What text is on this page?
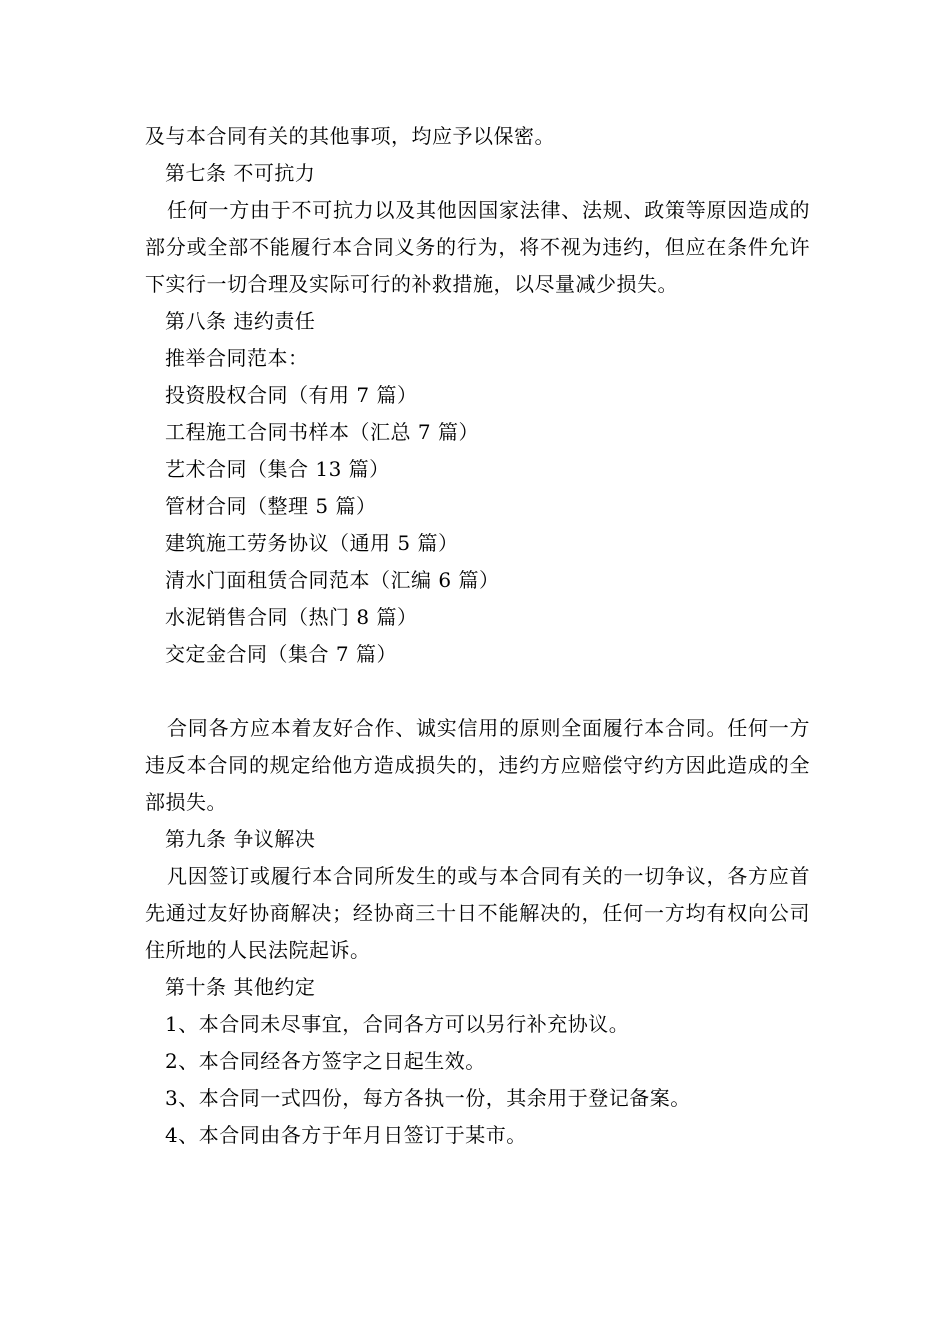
及与本合同有关的其他事项，均应予以保密。
第七条 不可抗力
任何一方由于不可抗力以及其他因国家法律、法规、政策等原因造成的部分或全部不能履行本合同义务的行为，将不视为违约，但应在条件允许下实行一切合理及实际可行的补救措施，以尽量减少损失。
第八条 违约责任
推举合同范本：
投资股权合同（有用 7 篇）
工程施工合同书样本（汇总 7 篇）
艺术合同（集合 13 篇）
管材合同（整理 5 篇）
建筑施工劳务协议（通用 5 篇）
清水门面租赁合同范本（汇编 6 篇）
水泥销售合同（热门 8 篇）
交定金合同（集合 7 篇）
合同各方应本着友好合作、诚实信用的原则全面履行本合同。任何一方违反本合同的规定给他方造成损失的，违约方应赔偿守约方因此造成的全部损失。
第九条 争议解决
凡因签订或履行本合同所发生的或与本合同有关的一切争议，各方应首先通过友好协商解决；经协商三十日不能解决的，任何一方均有权向公司住所地的人民法院起诉。
第十条 其他约定
1、本合同未尽事宜，合同各方可以另行补充协议。
2、本合同经各方签字之日起生效。
3、本合同一式四份，每方各执一份，其余用于登记备案。
4、本合同由各方于年月日签订于某市。
